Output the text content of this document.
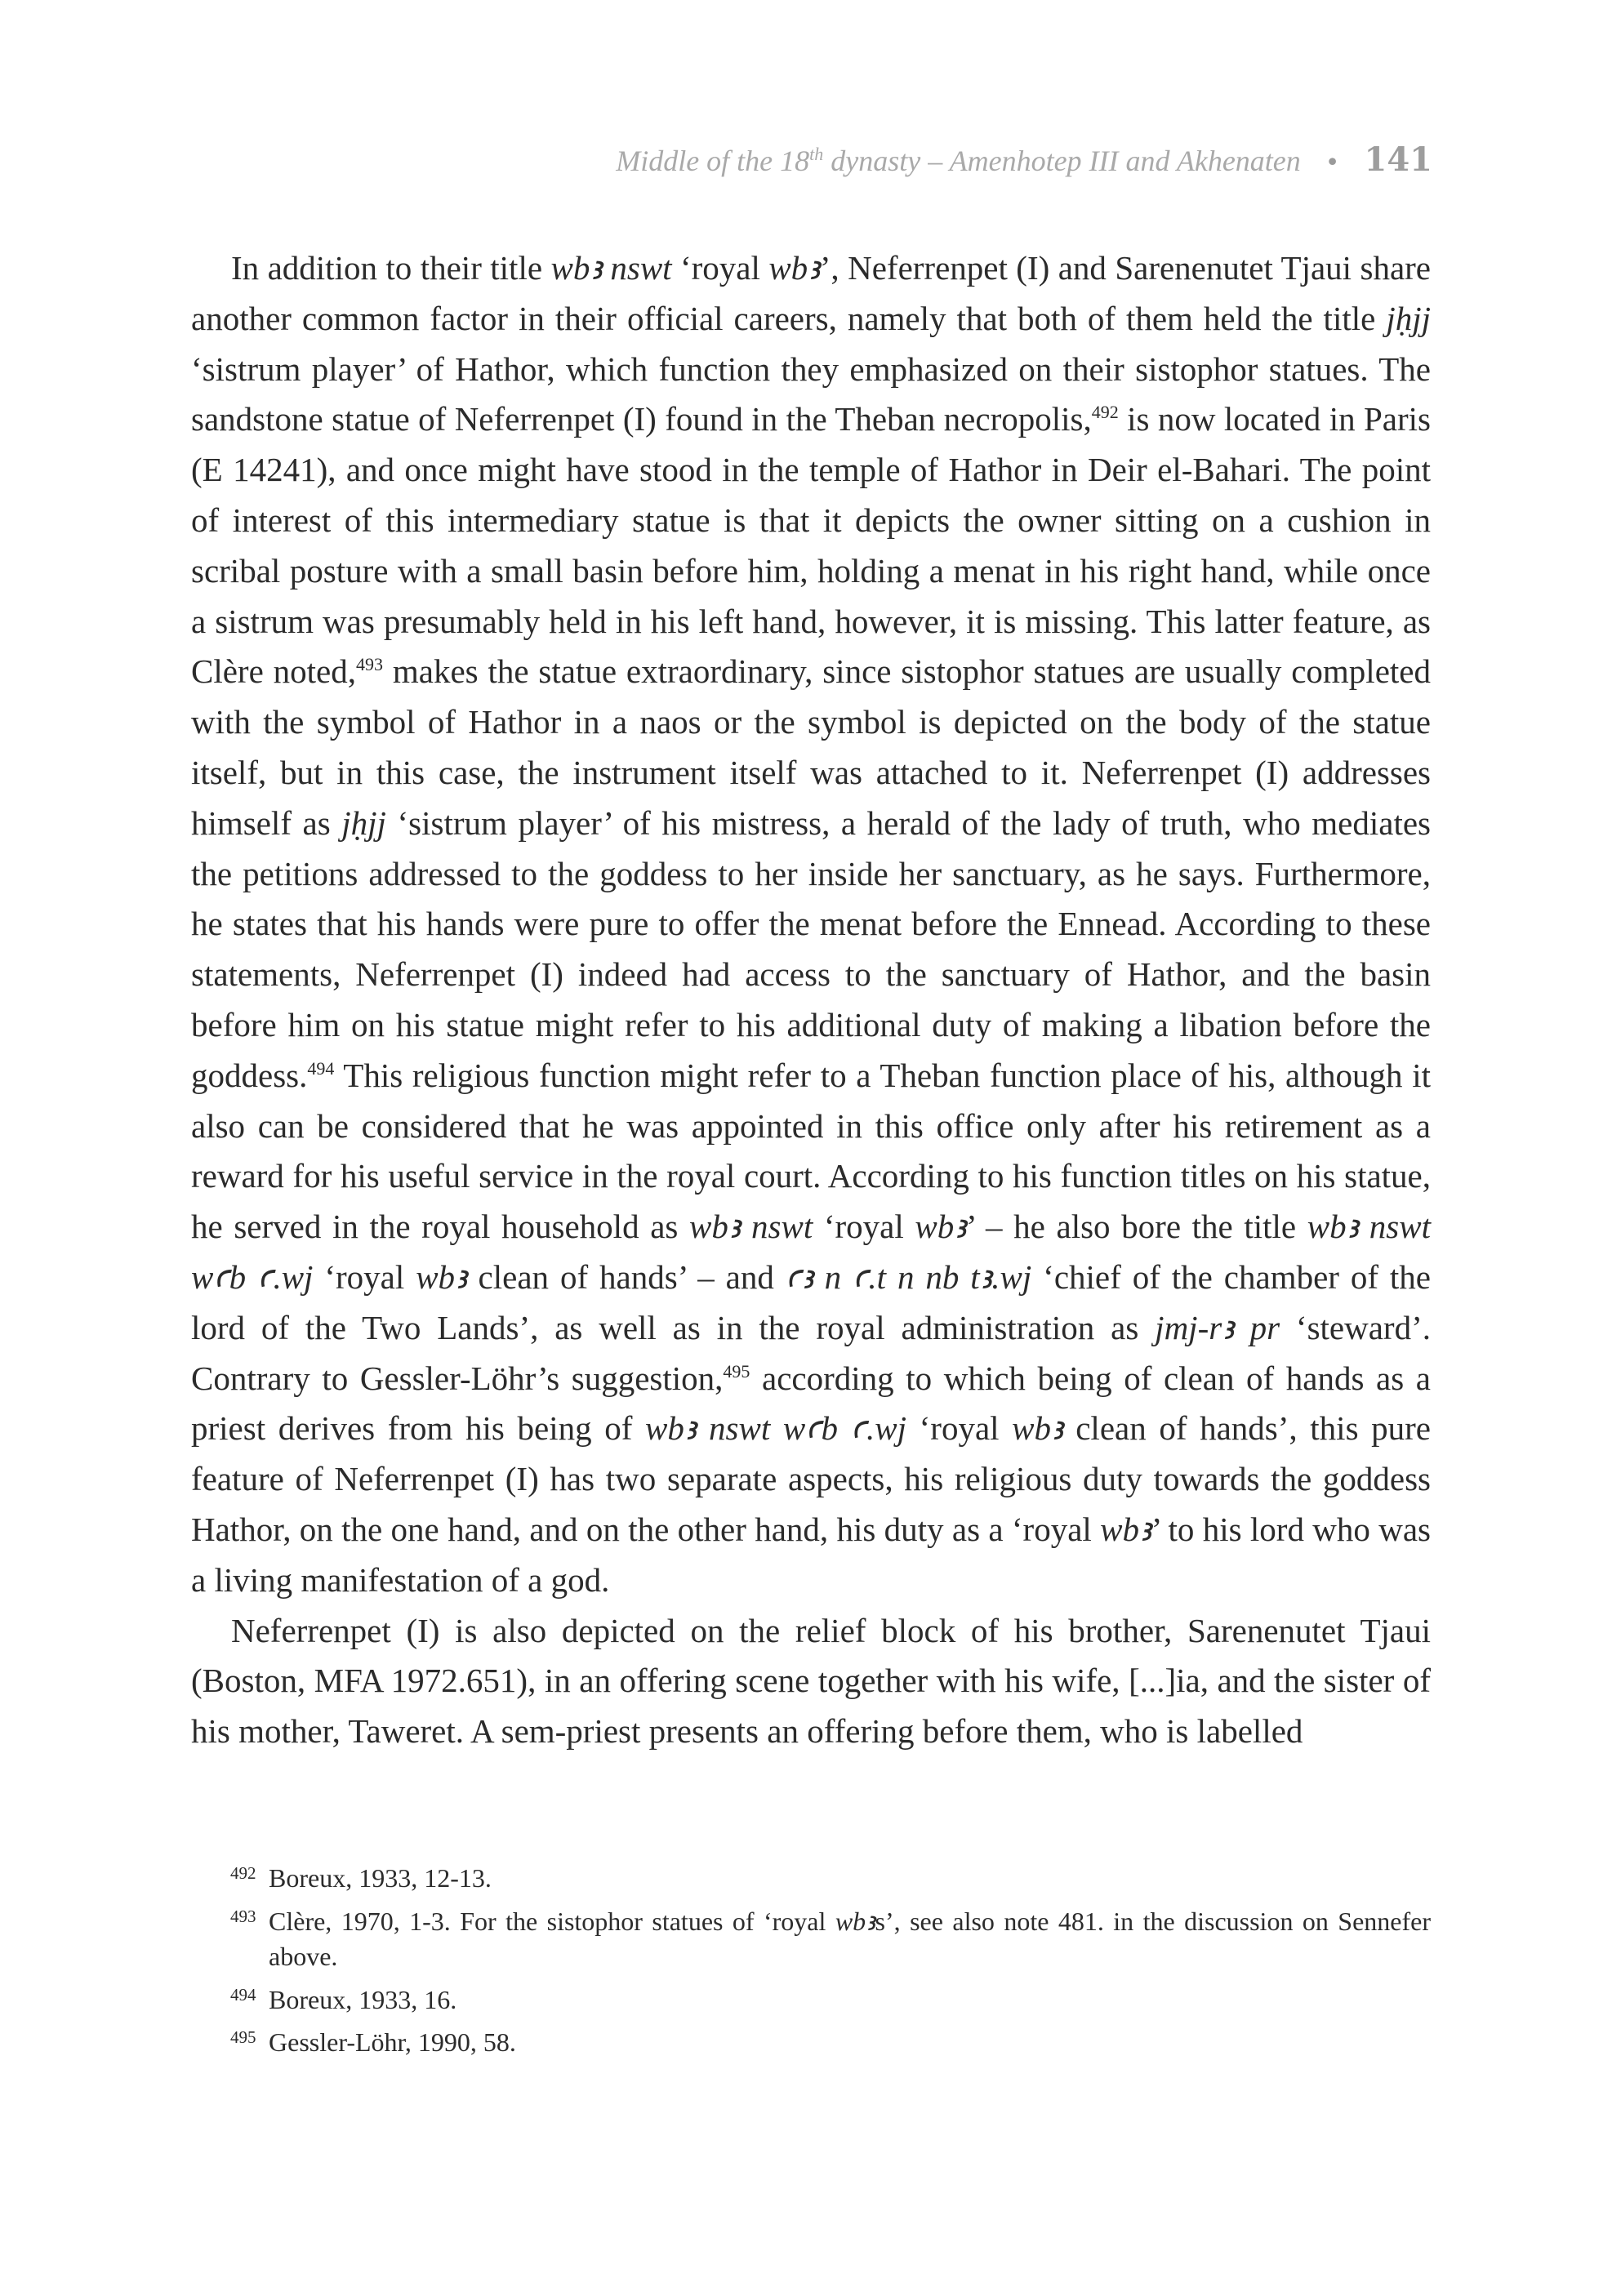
Middle of the 18th dynasty – Amenhotep III and Akhenaten • 141

In addition to their title wbꜣ nswt ‘royal wbꜣ’, Neferrenpet (I) and Sarenenutet Tjaui share another common factor in their official careers, namely that both of them held the title jḥjj ‘sistrum player’ of Hathor, which function they emphasized on their sistophor statues. The sandstone statue of Neferrenpet (I) found in the Theban necropolis,$^{492}$ is now located in Paris (E 14241), and once might have stood in the temple of Hathor in Deir el-Bahari. The point of interest of this intermediary statue is that it depicts the owner sitting on a cushion in scribal posture with a small basin before him, holding a menat in his right hand, while once a sistrum was presumably held in his left hand, however, it is missing. This latter feature, as Clère noted,$^{493}$ makes the statue extraordinary, since sistophor statues are usually completed with the symbol of Hathor in a naos or the symbol is depicted on the body of the statue itself, but in this case, the instrument itself was attached to it. Neferrenpet (I) addresses himself as jḥjj ‘sistrum player’ of his mistress, a herald of the lady of truth, who mediates the petitions addressed to the goddess to her inside her sanctuary, as he says. Furthermore, he states that his hands were pure to offer the menat before the Ennead. According to these statements, Neferrenpet (I) indeed had access to the sanctuary of Hathor, and the basin before him on his statue might refer to his additional duty of making a libation before the goddess.$^{494}$ This religious function might refer to a Theban function place of his, although it also can be considered that he was appointed in this office only after his retirement as a reward for his useful service in the royal court. According to his function titles on his statue, he served in the royal household as wbꜣ nswt ‘royal wbꜣ’ – he also bore the title wbꜣ nswt wꜥb ꜥ.wj ‘royal wbꜣ clean of hands’ – and ꜥꜣ n ꜥ.t n nb tꜣ.wj ‘chief of the chamber of the lord of the Two Lands’, as well as in the royal administration as jmj-rꜣ pr ‘steward’. Contrary to Gessler-Löhr’s suggestion,$^{495}$ according to which being of clean of hands as a priest derives from his being of wbꜣ nswt wꜥb ꜥ.wj ‘royal wbꜣ clean of hands’, this pure feature of Neferrenpet (I) has two separate aspects, his religious duty towards the goddess Hathor, on the one hand, and on the other hand, his duty as a ‘royal wbꜣ’ to his lord who was a living manifestation of a god.

Neferrenpet (I) is also depicted on the relief block of his brother, Sarenenutet Tjaui (Boston, MFA 1972.651), in an offering scene together with his wife, [...]ia, and the sister of his mother, Taweret. A sem-priest presents an offering before them, who is labelled

492 Boreux, 1933, 12-13.
493 Clère, 1970, 1-3. For the sistophor statues of ‘royal wbꜣs’, see also note 481. in the discussion on Sennefer above.
494 Boreux, 1933, 16.
495 Gessler-Löhr, 1990, 58.
